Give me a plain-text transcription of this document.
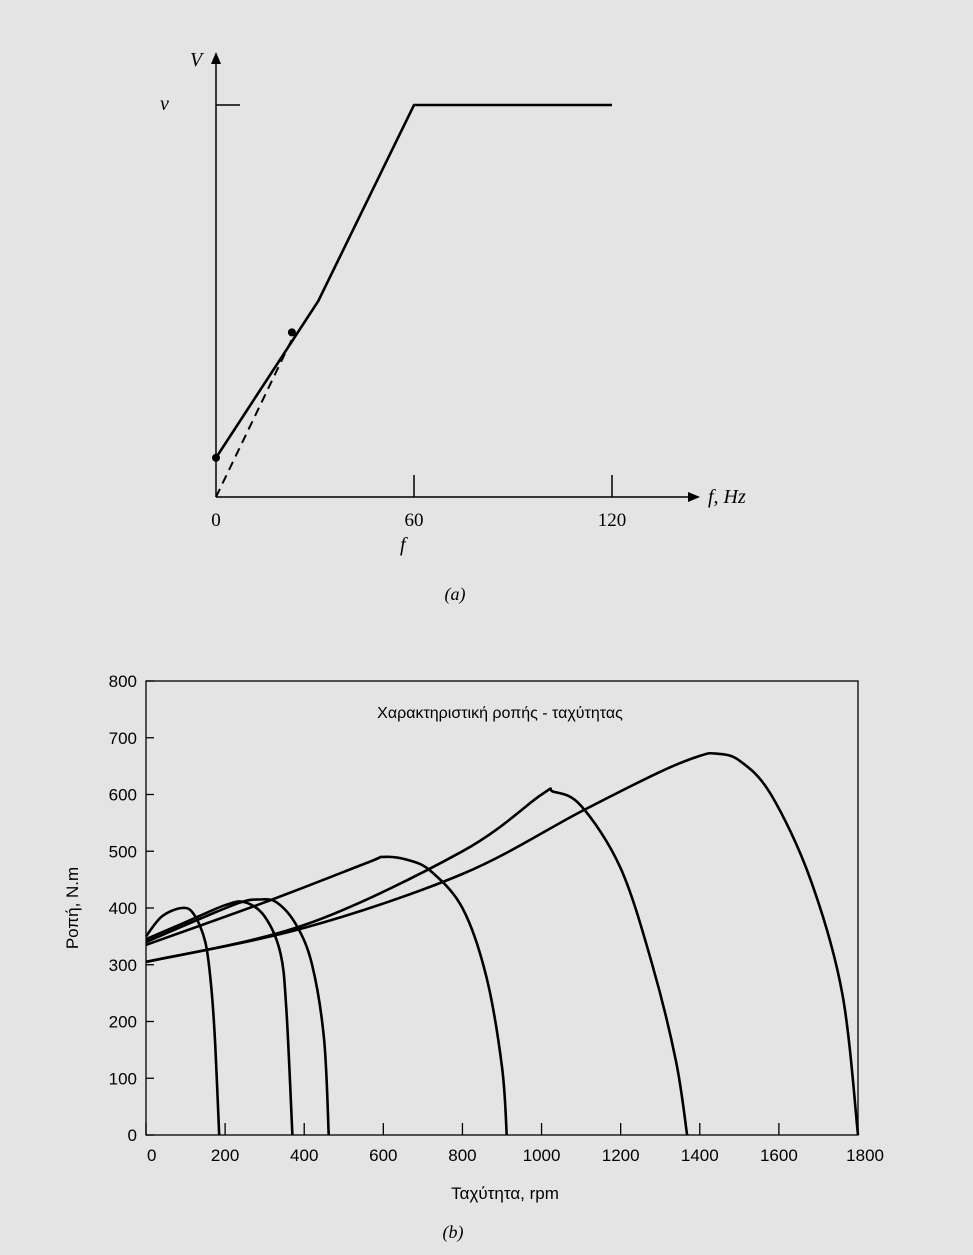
0	60	120
V
v
f, Hz
f
(a)
0
100
200
300
400
500
600
700
800
0	200	400	600	800	1000 1200 1400 1600	1800
Χαρακτηριστική ροπής - ταχύτητας
Ροπή, N.m
Ταχύτητα, rpm
(b)
